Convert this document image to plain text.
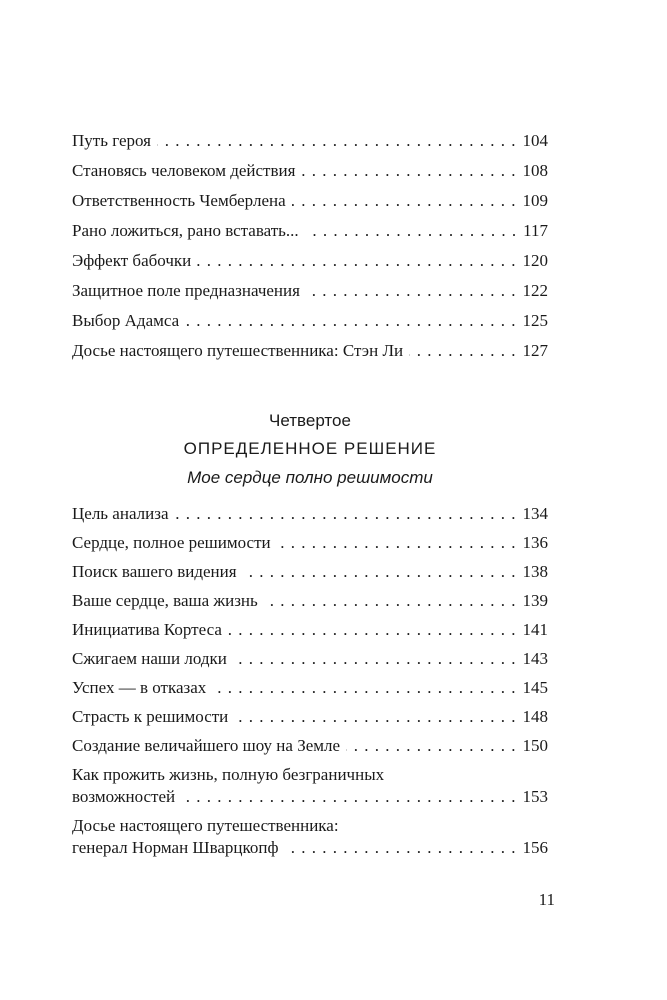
Путь героя . . .	104
Становясь человеком действия . . .	108
Ответственность Чемберлена . . .	109
Рано ложиться, рано вставать... . . .	117
Эффект бабочки . . .	120
Защитное поле предназначения . . .	122
Выбор Адамса . . .	125
Досье настоящего путешественника: Стэн Ли . . .	127
Четвертое
ОПРЕДЕЛЕННОЕ РЕШЕНИЕ
Мое сердце полно решимости
Цель анализа . . .	134
Сердце, полное решимости . . .	136
Поиск вашего видения . . .	138
Ваше сердце, ваша жизнь . . .	139
Инициатива Кортеса . . .	141
Сжигаем наши лодки . . .	143
Успех — в отказах . . .	145
Страсть к решимости . . .	148
Создание величайшего шоу на Земле . . .	150
Как прожить жизнь, полную безграничных
возможностей . . .	153
Досье настоящего путешественника:
генерал Норман Шварцкопф . . .	156
11
